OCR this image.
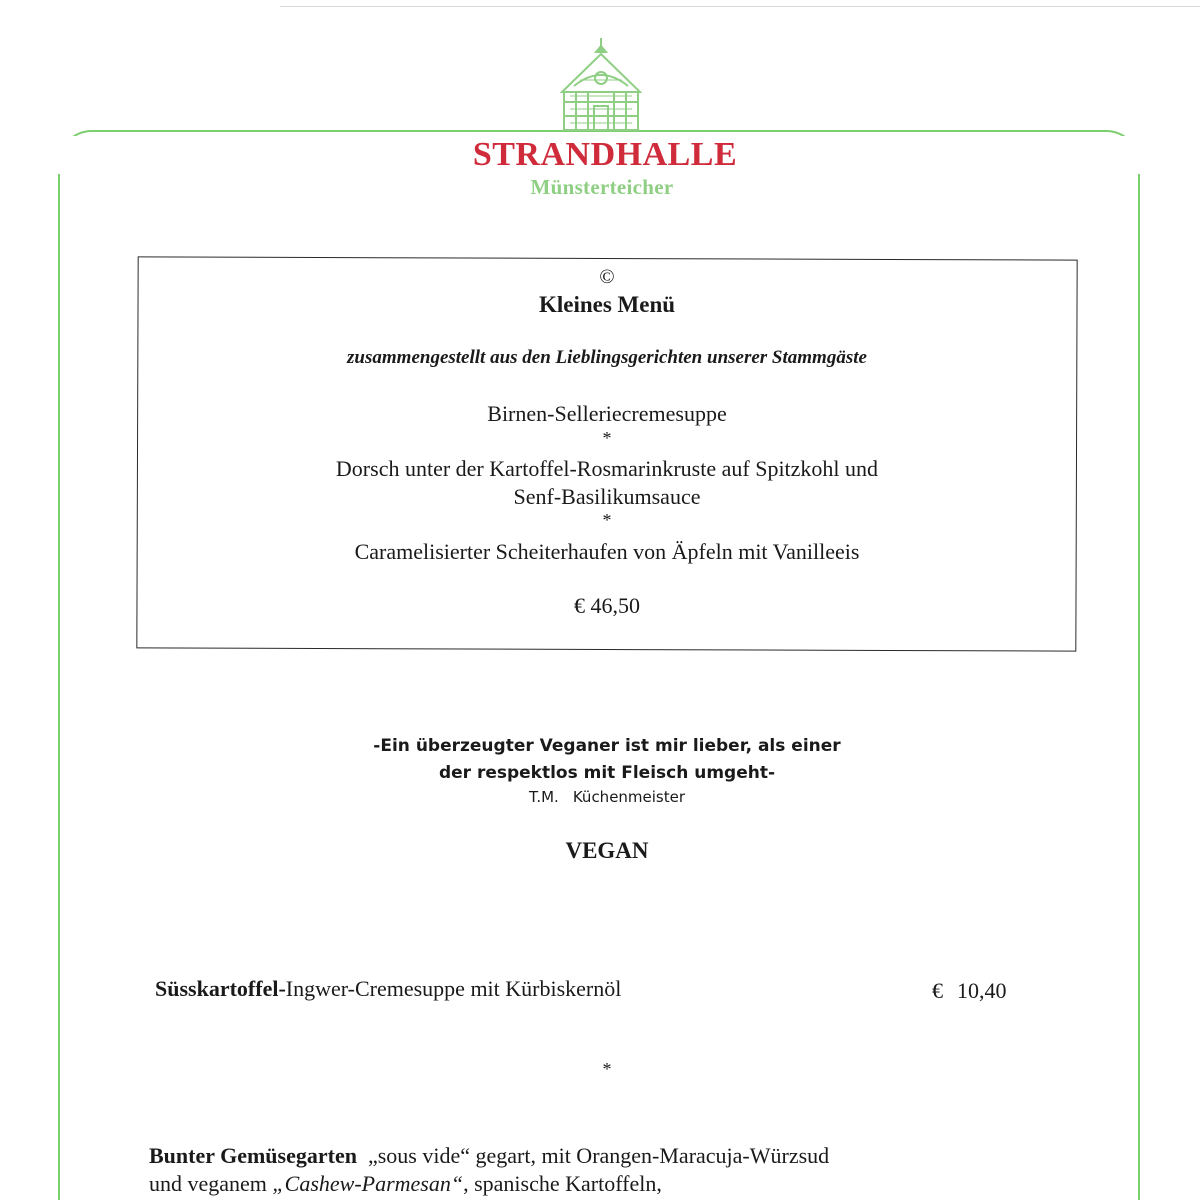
STRANDHALLE
Münsterteicher
©
Kleines Menü
zusammengestellt aus den Lieblingsgerichten unserer Stammgäste
Birnen-Selleriecremesuppe
*
Dorsch unter der Kartoffel-Rosmarinkruste auf Spitzkohl und
Senf-Basilikumsauce
*
Caramelisierter Scheiterhaufen von Äpfeln mit Vanilleeis
€ 46,50
-Ein überzeugter Veganer ist mir lieber, als einer
der respektlos mit Fleisch umgeht-
T.M. Küchenmeister
VEGAN
Süsskartoffel-Ingwer-Cremesuppe mit Kürbiskernöl	€ 10,40
*
Bunter Gemüsegarten „sous vide“ gegart, mit Orangen-Maracuja-Würzsud
und veganem „Cashew-Parmesan“, spanische Kartoffeln,
